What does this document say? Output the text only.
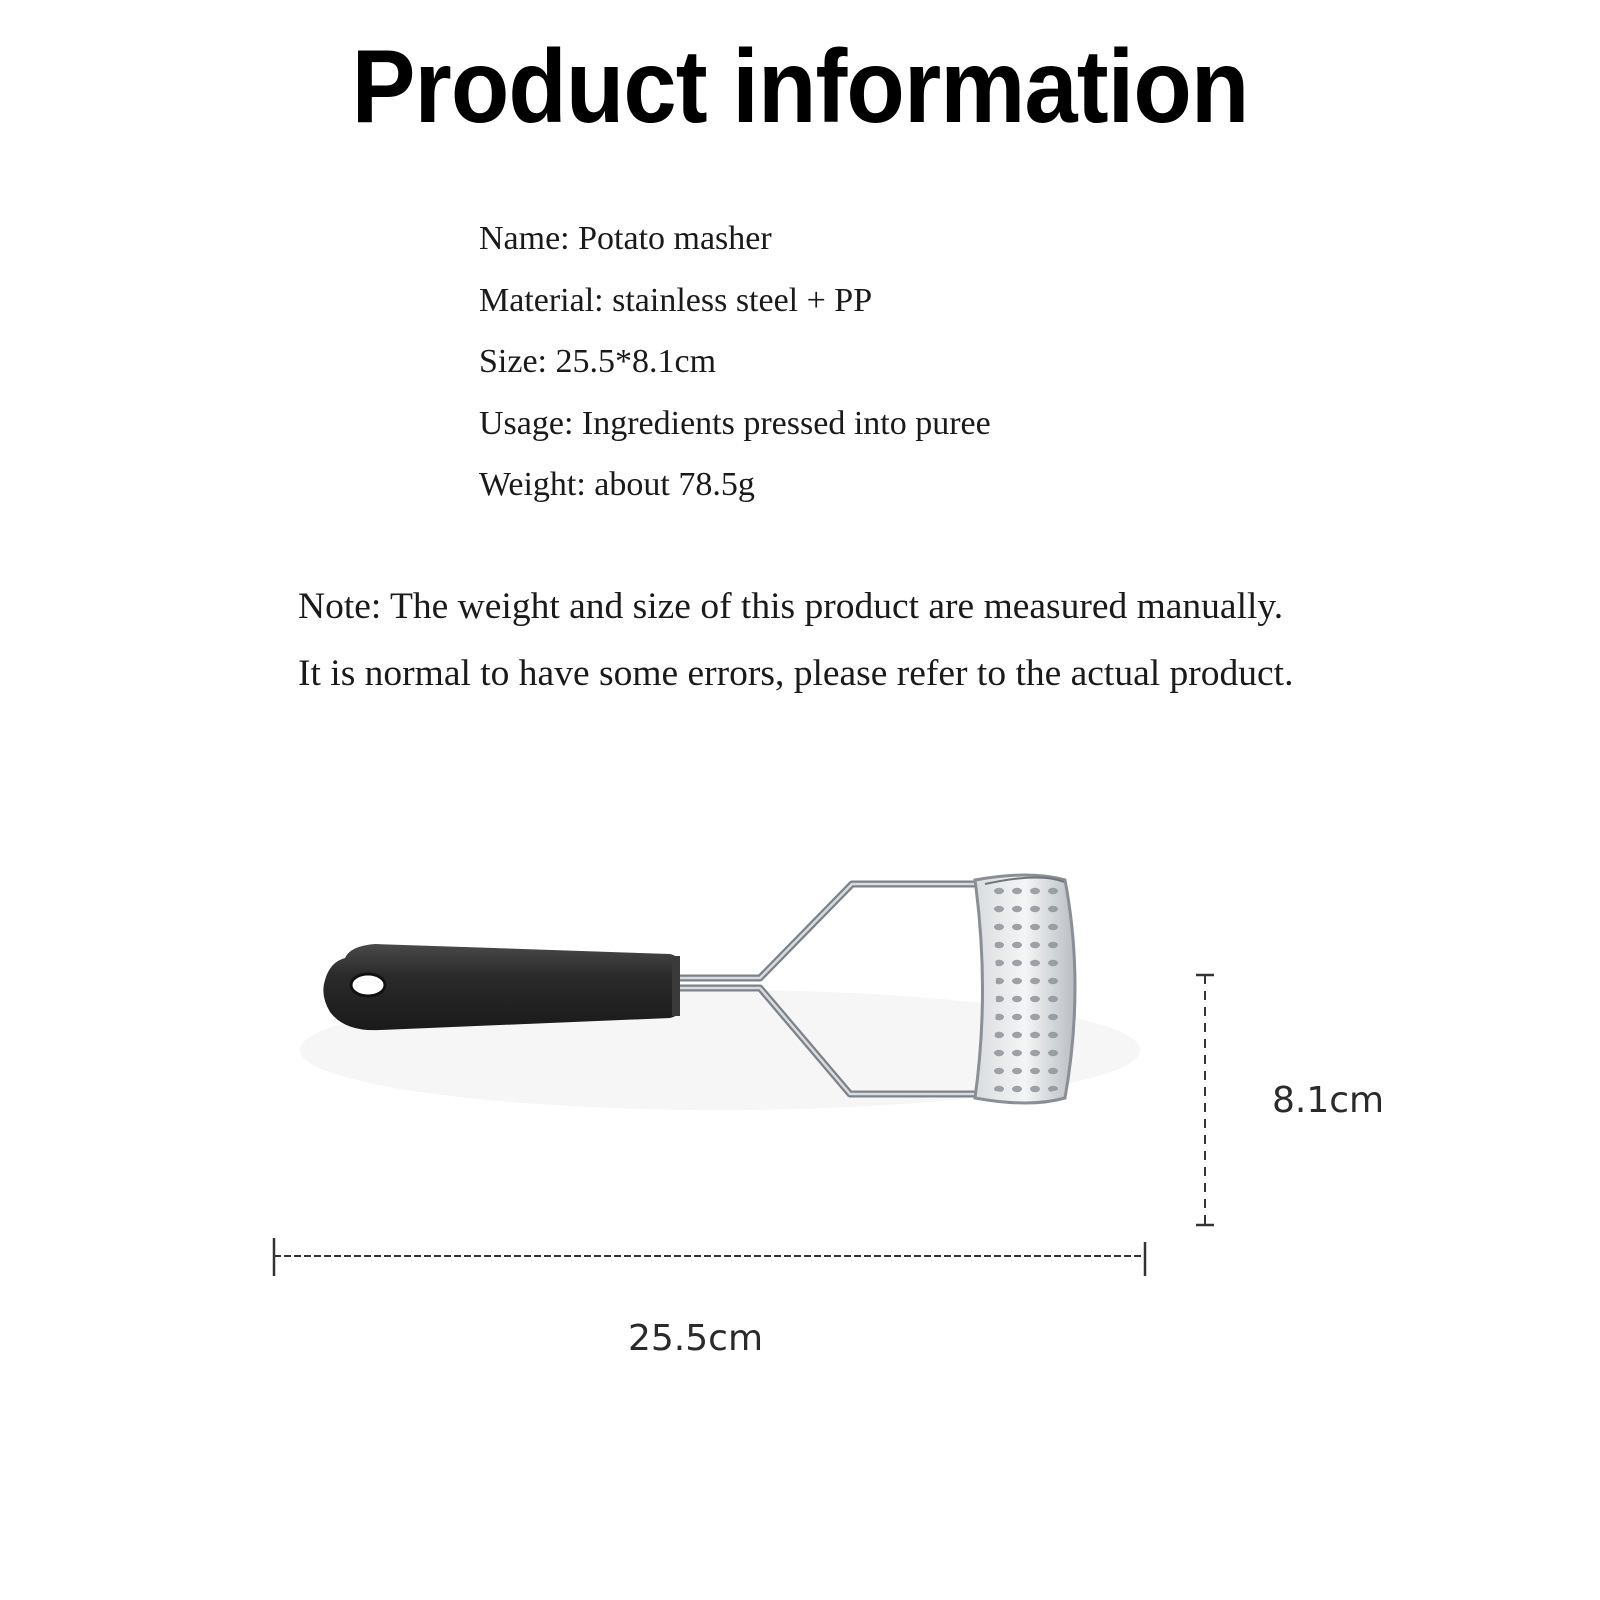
Product information
Name: Potato masher
Material: stainless steel + PP
Size: 25.5*8.1cm
Usage: Ingredients pressed into puree
Weight: about 78.5g
Note: The weight and size of this product are measured manually.
It is normal to have some errors, please refer to the actual product.
8.1cm
25.5cm
